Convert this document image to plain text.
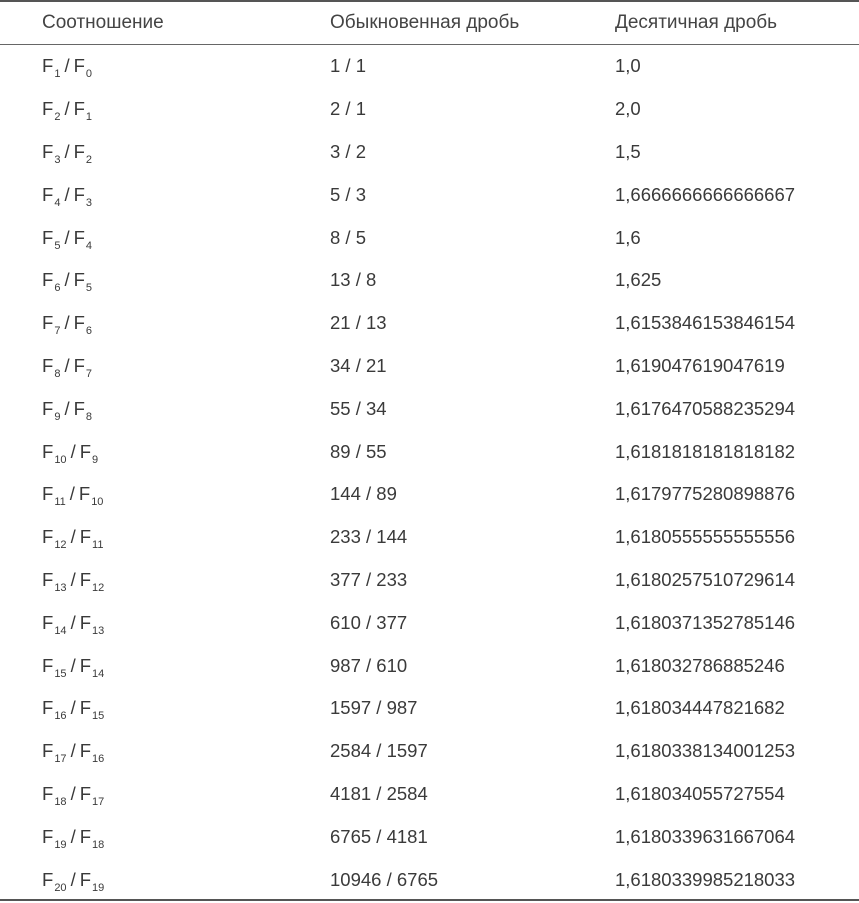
Соотношение	Обыкновенная дробь	Десятичная дробь
$F_1 / F_0$	1 / 1	1,0
$F_2 / F_1$	2 / 1	2,0
$F_3 / F_2$	3 / 2	1,5
$F_4 / F_3$	5 / 3	1,6666666666666667
$F_5 / F_4$	8 / 5	1,6
$F_6 / F_5$	13 / 8	1,625
$F_7 / F_6$	21 / 13	1,6153846153846154
$F_8 / F_7$	34 / 21	1,619047619047619
$F_9 / F_8$	55 / 34	1,6176470588235294
$F_{10} / F_9$	89 / 55	1,6181818181818182
$F_{11} / F_{10}$	144 / 89	1,6179775280898876
$F_{12} / F_{11}$	233 / 144	1,6180555555555556
$F_{13} / F_{12}$	377 / 233	1,6180257510729614
$F_{14} / F_{13}$	610 / 377	1,6180371352785146
$F_{15} / F_{14}$	987 / 610	1,618032786885246
$F_{16} / F_{15}$	1597 / 987	1,618034447821682
$F_{17} / F_{16}$	2584 / 1597	1,6180338134001253
$F_{18} / F_{17}$	4181 / 2584	1,618034055727554
$F_{19} / F_{18}$	6765 / 4181	1,6180339631667064
$F_{20} / F_{19}$	10946 / 6765	1,6180339985218033
